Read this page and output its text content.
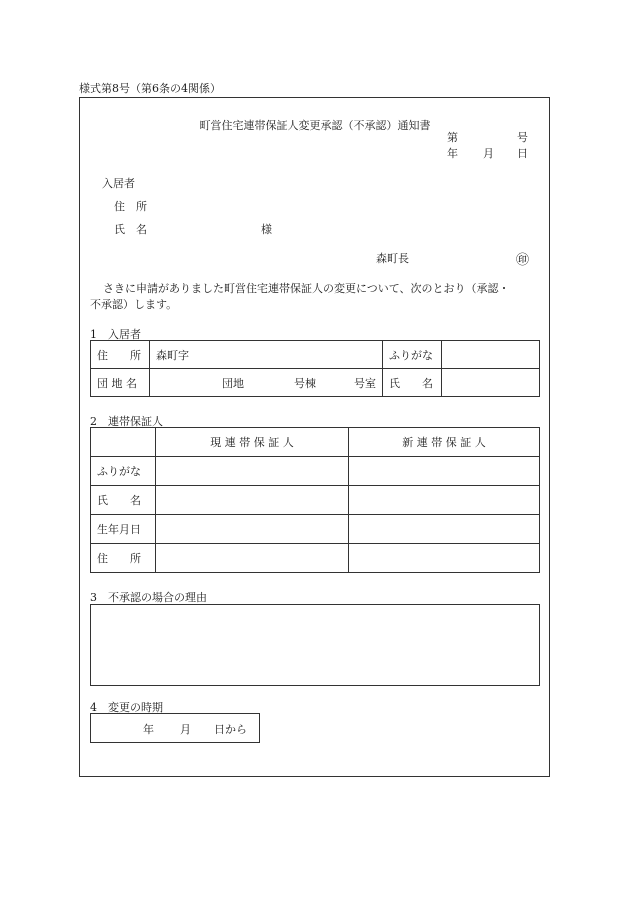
様式第8号（第6条の4関係）
町営住宅連帯保証人変更承認（不承認）通知書
第	号
年 月 日
入居者
住　所
氏　名	様
森町長	㊞
さきに申請がありました町営住宅連帯保証人の変更について、次のとおり（承認・
不承認）します。
1　入居者
住　　所	森町字			ふりがな	
団 地 名	団地	号棟	号室	氏　　名	
2　連帯保証人
	現 連 帯 保 証 人	新 連 帯 保 証 人
ふりがな		
氏　　名		
生年月日		
住　　所		
3　不承認の場合の理由
4　変更の時期
年 月 日から
